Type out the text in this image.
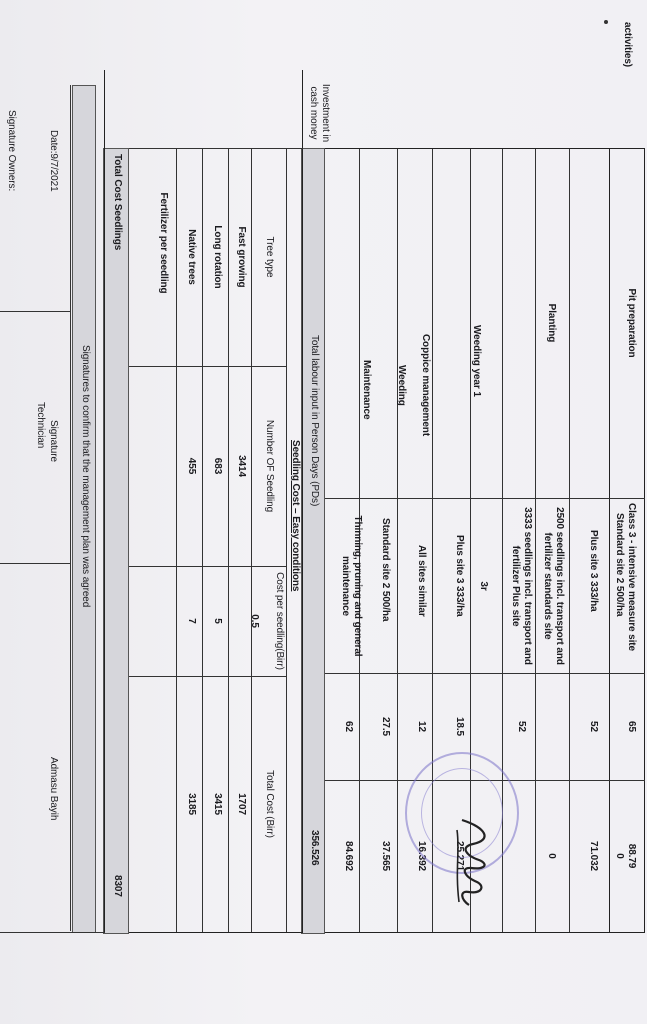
activities)
Pit preparation
Class 3 - intensive measure site
65
88.79
Standard site 2 500/ha
0
Plus site 3 333/ha
52
71.032
Planting
2500 seedlings incl. transport and fertilizer standards site
0
3333 seedlings incl. transport and fertilizer Plus site
52
Weeding year 1
3r
Plus site 3 333/ha
18.5
25.271
Coppice management
All sites similar
12
16.392
Weeding
Standard site 2 500/ha
27.5
37.565
Maintenance
Thinning, pruning and general maintenance
62
84.692
Total labour input in Person Days (PDs)
356.526
Investment in cash money
Seedling Cost – Easy conditions
Tree type
Number OF Seedling
Cost per seedling(Birr)
Total Cost (Birr)
0.5
1707
Fast growing
3414
Long rotation
683
5
3415
Native trees
455
7
3185
Fertilizer per seedling
Total Cost Seedlings
8307
Signatures to confirm that the management plan was agreed
Date:9/7/2021
Signature
Technician
Admasu Bayih
Signature Owners:
